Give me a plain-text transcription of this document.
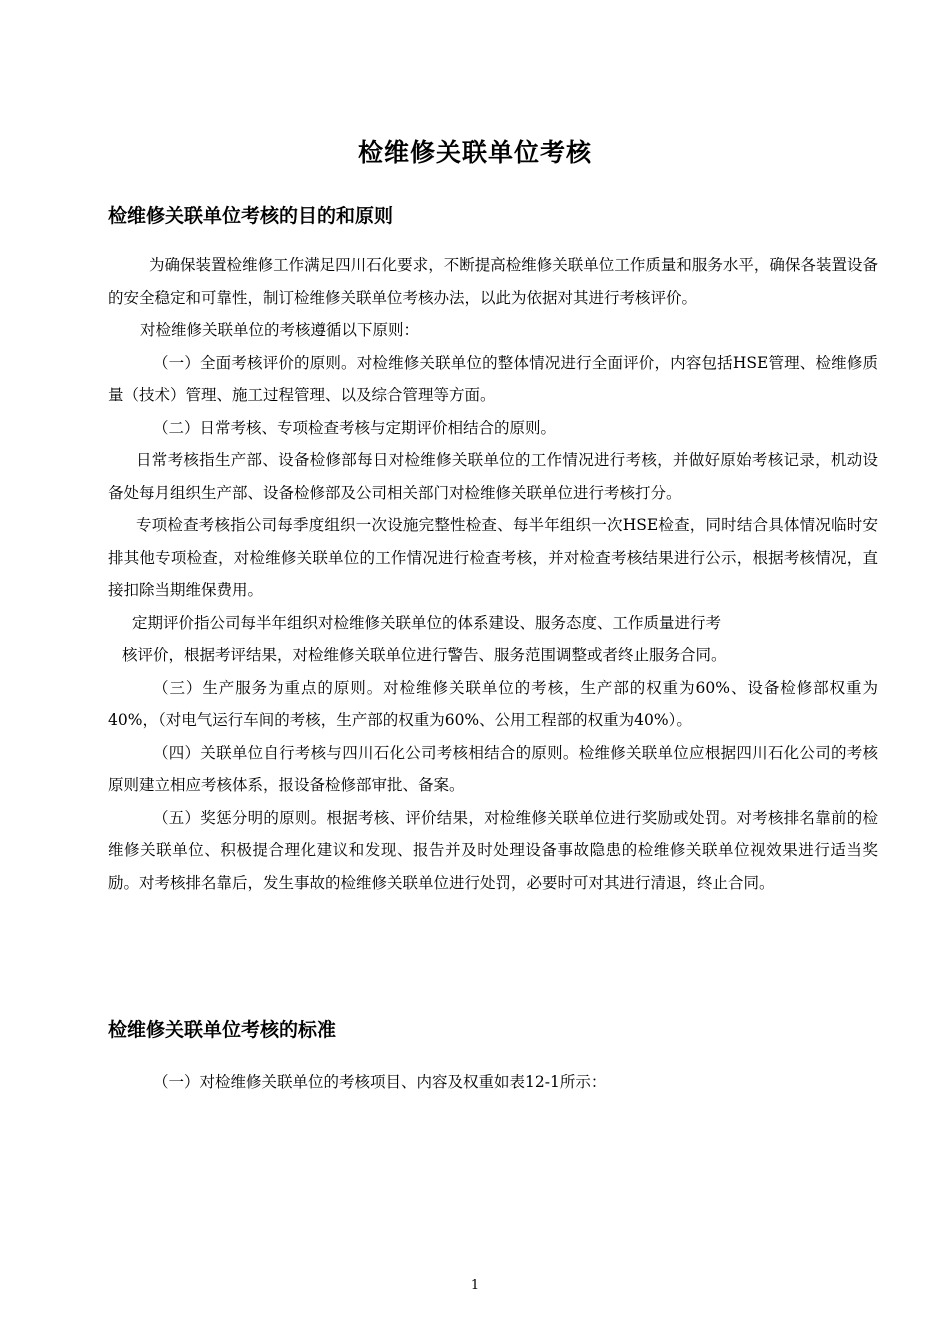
检维修关联单位考核
检维修关联单位考核的目的和原则

为确保装置检维修工作满足四川石化要求，不断提高检维修关联单位工作质量和服务水平，确保各装置设备的安全稳定和可靠性，制订检维修关联单位考核办法，以此为依据对其进行考核评价。

对检维修关联单位的考核遵循以下原则：

（一）全面考核评价的原则。对检维修关联单位的整体情况进行全面评价，内容包括HSE管理、检维修质量（技术）管理、施工过程管理、以及综合管理等方面。

（二）日常考核、专项检查考核与定期评价相结合的原则。

日常考核指生产部、设备检修部每日对检维修关联单位的工作情况进行考核，并做好原始考核记录，机动设备处每月组织生产部、设备检修部及公司相关部门对检维修关联单位进行考核打分。

专项检查考核指公司每季度组织一次设施完整性检查、每半年组织一次HSE检查，同时结合具体情况临时安排其他专项检查，对检维修关联单位的工作情况进行检查考核，并对检查考核结果进行公示，根据考核情况，直接扣除当期维保费用。

定期评价指公司每半年组织对检维修关联单位的体系建设、服务态度、工作质量进行考

核评价，根据考评结果，对检维修关联单位进行警告、服务范围调整或者终止服务合同。

（三）生产服务为重点的原则。对检维修关联单位的考核，生产部的权重为60%、设备检修部权重为40%，（对电气运行车间的考核，生产部的权重为60%、公用工程部的权重为40%）。

（四）关联单位自行考核与四川石化公司考核相结合的原则。检维修关联单位应根据四川石化公司的考核原则建立相应考核体系，报设备检修部审批、备案。

（五）奖惩分明的原则。根据考核、评价结果，对检维修关联单位进行奖励或处罚。对考核排名靠前的检维修关联单位、积极提合理化建议和发现、报告并及时处理设备事故隐患的检维修关联单位视效果进行适当奖励。对考核排名靠后，发生事故的检维修关联单位进行处罚，必要时可对其进行清退，终止合同。

检维修关联单位考核的标准

（一）对检维修关联单位的考核项目、内容及权重如表12-1所示：

1
